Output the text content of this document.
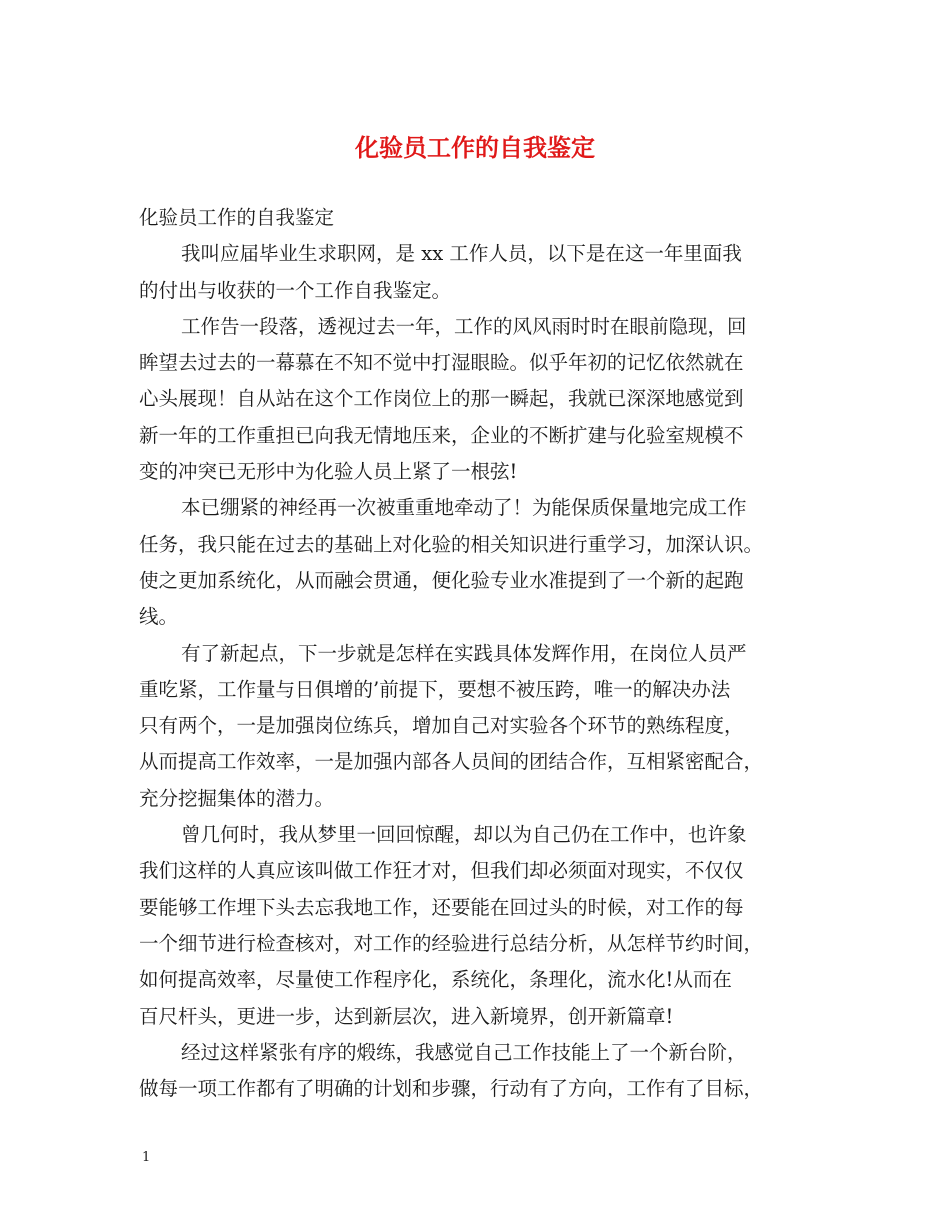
化验员工作的自我鉴定
化验员工作的自我鉴定
我叫应届毕业生求职网，是 xx 工作人员，以下是在这一年里面我
的付出与收获的一个工作自我鉴定。
工作告一段落，透视过去一年，工作的风风雨时时在眼前隐现，回
眸望去过去的一幕慕在不知不觉中打湿眼睑。似乎年初的记忆依然就在
心头展现！自从站在这个工作岗位上的那一瞬起，我就已深深地感觉到
新一年的工作重担已向我无情地压来，企业的不断扩建与化验室规模不
变的冲突已无形中为化验人员上紧了一根弦!
本已绷紧的神经再一次被重重地牵动了！为能保质保量地完成工作
任务，我只能在过去的基础上对化验的相关知识进行重学习，加深认识。
使之更加系统化，从而融会贯通，便化验专业水准提到了一个新的起跑
线。
有了新起点，下一步就是怎样在实践具体发辉作用，在岗位人员严
重吃紧，工作量与日俱增的’前提下，要想不被压跨，唯一的解决办法
只有两个，一是加强岗位练兵，增加自己对实验各个环节的熟练程度，
从而提高工作效率，一是加强内部各人员间的团结合作，互相紧密配合，
充分挖掘集体的潜力。
曾几何时，我从梦里一回回惊醒，却以为自己仍在工作中，也许象
我们这样的人真应该叫做工作狂才对，但我们却必须面对现实，不仅仅
要能够工作埋下头去忘我地工作，还要能在回过头的时候，对工作的每
一个细节进行检查核对，对工作的经验进行总结分析，从怎样节约时间，
如何提高效率，尽量使工作程序化，系统化，条理化，流水化!从而在
百尺杆头，更进一步，达到新层次，进入新境界，创开新篇章!
经过这样紧张有序的煅练，我感觉自己工作技能上了一个新台阶，
做每一项工作都有了明确的计划和步骤，行动有了方向，工作有了目标，
1
